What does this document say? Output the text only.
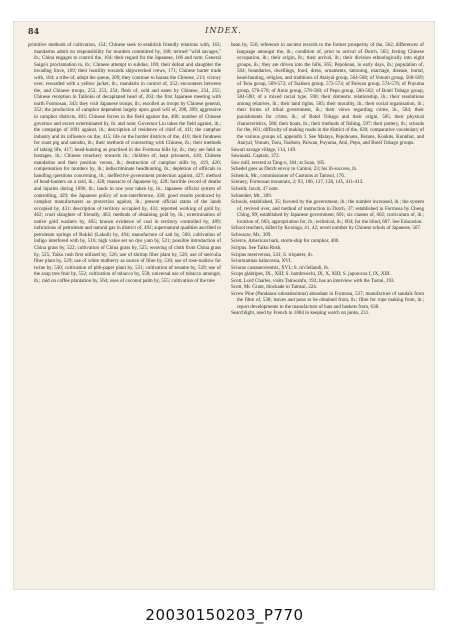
84	INDEX.

primitive methods of cultivation, 154; Chinese seek to establish friendly relations with, 163; mandarins admit no responsibility for murders committed by, 168; termed "wild savages," ib.; China engages to control the, 164; their regard for the Japanese, 166 and note; General Saigo's proclamation to, ib.; Chinese attempt to subdue, 169; their defeat and slaughter the invading force, 169; their hostility towards shipwrecked crews, 171; Chinese barter trade with, 184; a tribe of, adopt the queue, 209; they continue to harass the Chinese, 213; victory over, rewarded with a yellow jacket, ib.; mandarin in control of, 252; encounters between the, and Chinese troops, 252, 253, 254; flesh of, sold and eaten by Chinese, 254, 255; Chinese reception in Taihoku of decapitated head of, 263; the first Japanese meeting with north Formosan, 343; they visit Japanese troops, ib.; enrolled as troops by Chinese general, 352; the production of camphor dependent largely upon good will of, 398, 399; aggressive in camphor districts, 403; Chinese forces in the field against the, 406; number of Chinese governor and escort exterminated by, ib. and note; Governor Liu takes the field against, ib.; the campaign of 1891 against, ib.; description of residence of chief of, 411; the camphor industry and its influence on the, 415; life on the border districts of the, 416; their fondness for roast pig and samshu, ib.; their methods of contracting with Chinese, ib.; their methods of taking life, 417; head-hunting as practised in the Formosa hills by, ib.; they are held as hostages, ib.; Chinese treachery towards ib.; children of, kept prisoners, 418; Chinese mandarins and their position versus, ib.; destruction of camphor stills by, 419, 420; compensation for murders by, ib.; indiscriminate headhunting, ib.; depletion of offiicals in handling questions concerning, ib.; ineffective government protection against, 427; method of head-hunters on a raid, ib.; 428; massacre of Japanese by, 428; horrible record of deaths and injuries during 1896, ib.; lands in one year taken by, ib.; Japanese official system of controlling, 429; the Japanese policy of non-interference, 430; good results produced by camphor manufacturers as protection against, ib.; present official status of the lands occupied by, 431; description of territory occupied by, 431; reported working of gold by, 462; cruel slaughter of friendly, 463; methods of obtaining gold by, ib.; extermination of native gold washers by, 465; known evidence of coal in territory controlled by, 489; indications of petroleum and natural gas in district of, 492; supernatural qualities ascribed to petroleum springs of Rokkō (Lakuli) by, 494; manufacture of salt by, 506; cultivation of indigo interfered with by, 516; high value set on dye yam by, 521; possible introduction of China grass by, 522; cultivation of China grass by, 525; weaving of cloth from China grass by, 525; Taiku rush first utilized by, 526; use of shrimp fiber plant by, 526; use of sterculia fiber plant by, 529; use of white mulberry as source of fibre by, 530; use of rose-mallow for twine by, 530; cultivation of pith-paper plant by, 531; cultivation of sesame by, 539; use of the soap tree fruit by, 552; cultivation of tobacco by, 558; universal use of tobacco amongst, ib.; raid on coffee plantation by, 564; uses of coconut palm by, 555; cultivation of the tree

bean by, 556; reference in ancient records to the former prosperity of the, 562; differences of language amongst the, ib.; condition of, prior to arrival of Dutch, 563; Jesting Chinese occupation, ib.; their origin, ib.; their arrival, ib.; their division ethnologically into eight groups, ib.; they are driven into the hills, 565; Pepohoan, in early days, ib.; population of, 564; boundaries, dwellings, food, dress, ornaments, tattooing, marriage, disease, burial, head-hunting, religion, and traditions of Ataiyal group, 564-568; of Vonum group, 568-569; of Tsou group, 569-572; of Tsalisen group, 572-574; of Paiwan group, 574-576; of Puyuma group, 576-578; of Amis group, 578-580; of Pepo group, 580-582; of Botel Tobago group, 584-590; of a mixed racial type, 590; their domestic relationship, ib.; their resolutions among relatives, ib.; their land rights, 583; their morality, ib.; their social organisation, ib.; their forms of tribal government, ib.; their views regarding crime, ib., 584; their punishments for crime, ib.; of Botel Tobago and their origin, 585; their physical characteristics, 586; their boats, ib.; their methods of fishing, 597; their pottery, ib.; schools for the, 601; difficulty of making roads in the district of the, 620; comparative vocabulary of the various groups of, appendix I. See Malays, Pepohoans, Botans, Koaluts, Kunnbut, and Ataiyal, Vonum, Tsou, Tsalisen, Paiwan, Puyuma, Ami, Pepo, and Botel Tobago groups.

Sawari savage village, 114, 149.

Sawazaki, Captain, 372.

Saw mill, erected at Tang-o, 184; at Suao, 185.

Schedel goes as Dutch envoy to Canton, 23; his ill-success, ib.

Schenck, Mr., commissioner of Customs at Tamsui, 176.

Scenery, Formosan mountain, 2; 93, 106, 127, 128, 145, 411-413.

Scheldt, Jacob, 47 note.

Schneider, Mr., 309.

Schools, established, 35; favored by the government, ib.; the number increased, ib.; the system of, revived over, and method of instruction in Dutch, 37; established in Formosa by Cheng Ching, 89; established by Japanese government, 601; six classes of, 602; curriculum of, ib.; location of, 603; appropriation for, ib.; technical, ib.; 604; for the blind, 607. See Education.

School teachers, killed by Koxinga, 41, 42; novel number by Chinese schols of Japanese, 567.

Schwarze, Mr., 309.

Scierce, American bark, storm-ship for camphor, 400.

Scirpus. See Taiku Rush.

Scirpus meerversus, 541; S. triqueter, ib.

Sciurotamias kalurcesia, XVI.

Sciurus castaneoventris, XVI.; S. m'clellandi, ib.

Scops glabripes, IX., XIII; S. hambroechi, IX, X, XIII; S. japonicus f, IX, XIII.

Scott, Lord Charles, visits Tainwanfu, 192; has an interview with the Taotai, 193.

Scott, Mr. Grant, blockade in Tamsui, 224.

Screw Pine (Pandanus odoratissimus) abundant in Formosa, 537; manufacture of sandals from the fibre of, 538; leaves and pons to be obtained from, ib.; fibre for rope making from, ib.; report developments to the manufacture of hats and baskets from, 638.

Searchlight, used by French in 1884 in keeping watch on junks, 231.

20030150203_P770
